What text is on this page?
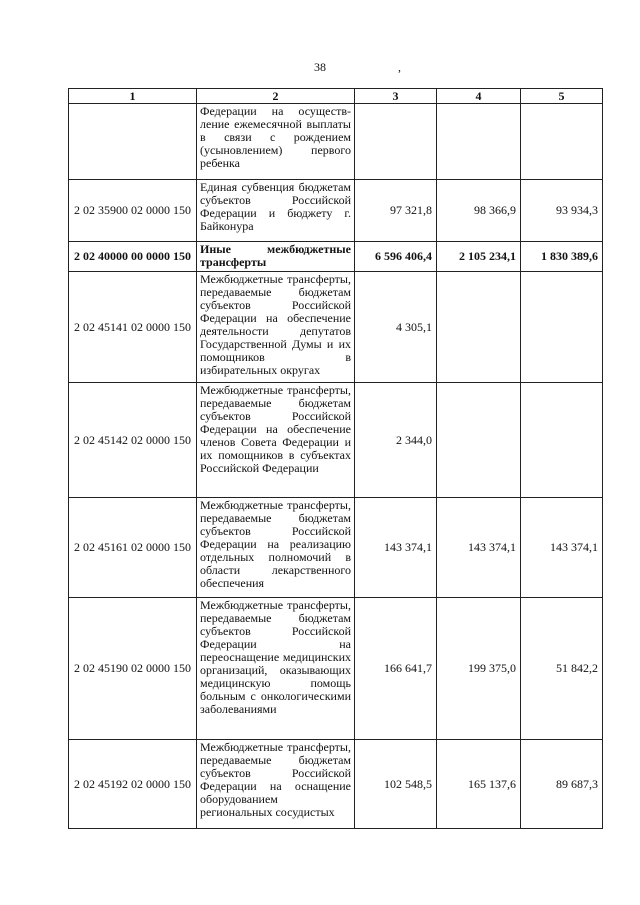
38	,
1	2	3	4	5
	Федерации на осуществ-ление ежемесячной выплаты в связи с рождением (усыновлением) первого ребенка			
2 02 35900 02 0000 150	Единая субвенция бюджетам субъектов Российской Федерации и бюджету г. Байконура	97 321,8	98 366,9	93 934,3
2 02 40000 00 0000 150	Иные межбюджетные трансферты	6 596 406,4	2 105 234,1	1 830 389,6
2 02 45141 02 0000 150	Межбюджетные трансферты, передаваемые бюджетам субъектов Российской Федерации на обеспечение деятельности депутатов Государственной Думы и их помощников в избирательных округах	4 305,1		
2 02 45142 02 0000 150	Межбюджетные трансферты, передаваемые бюджетам субъектов Российской Федерации на обеспечение членов Совета Федерации и их помощников в субъектах Российской Федерации	2 344,0		
2 02 45161 02 0000 150	Межбюджетные трансферты, передаваемые бюджетам субъектов Российской Федерации на реализацию отдельных полномочий в области лекарственного обеспечения	143 374,1	143 374,1	143 374,1
2 02 45190 02 0000 150	Межбюджетные трансферты, передаваемые бюджетам субъектов Российской Федерации на переоснащение медицинских организаций, оказывающих медицинскую помощь больным с онкологическими заболеваниями	166 641,7	199 375,0	51 842,2
2 02 45192 02 0000 150	Межбюджетные трансферты, передаваемые бюджетам субъектов Российской Федерации на оснащение оборудованием региональных сосудистых	102 548,5	165 137,6	89 687,3
